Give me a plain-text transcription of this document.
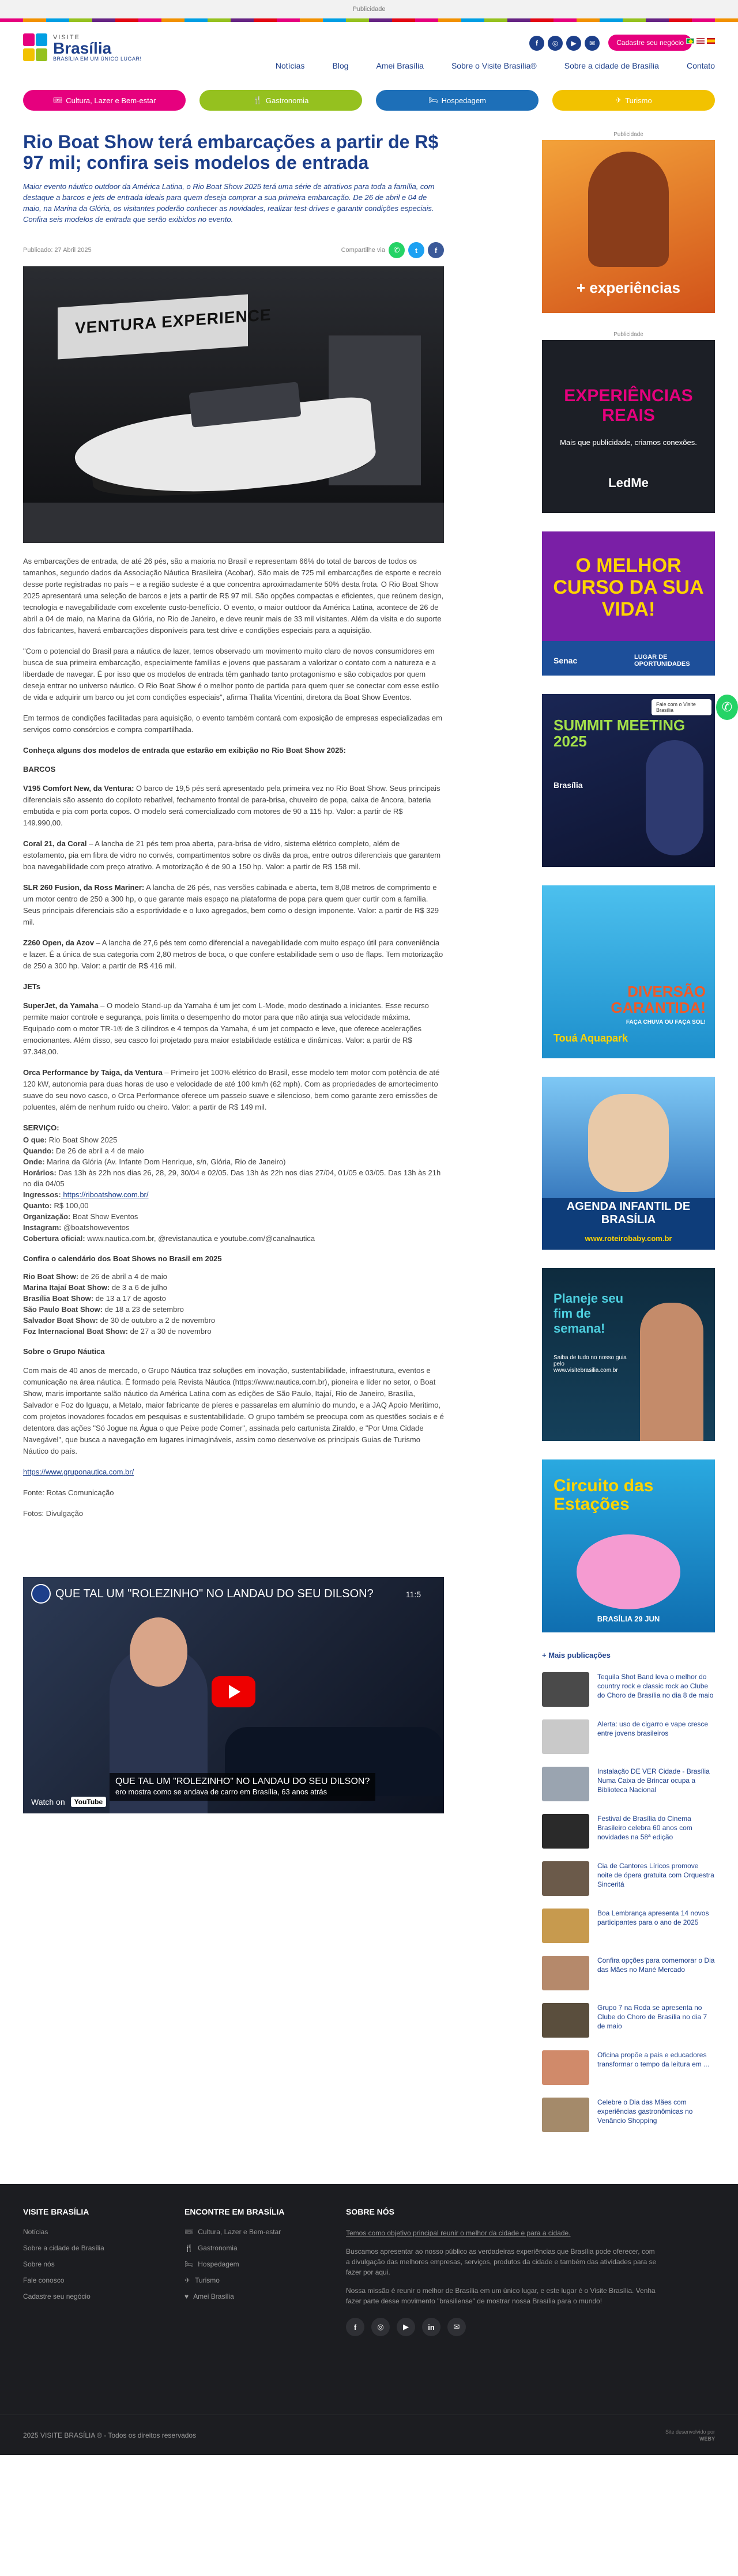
Publicidade
VISITE
Brasília
BRASÍLIA EM UM ÚNICO LUGAR!
f	◎	▶	✉	Cadastre seu negócio
Notícias	Blog	Amei Brasília	Sobre o Visite Brasília®	Sobre a cidade de Brasília	Contato
🎟 Cultura, Lazer e Bem-estar	🍴 Gastronomia	🛏 Hospedagem	✈ Turismo
Rio Boat Show terá embarcações a partir de R$ 97 mil; confira seis modelos de entrada

Maior evento náutico outdoor da América Latina, o Rio Boat Show 2025 terá uma série de atrativos para toda a família, com destaque a barcos e jets de entrada ideais para quem deseja comprar a sua primeira embarcação. De 26 de abril e 04 de maio, na Marina da Glória, os visitantes poderão conhecer as novidades, realizar test-drives e garantir condições especiais. Confira seis modelos de entrada que serão exibidos no evento.

Publicado: 27 Abril 2025	Compartilhe via	✆	t	f
VENTURA EXPERIENCE

As embarcações de entrada, de até 26 pés, são a maioria no Brasil e representam 66% do total de barcos de todos os tamanhos, segundo dados da Associação Náutica Brasileira (Acobar). São mais de 725 mil embarcações de esporte e recreio desse porte registradas no país – e a região sudeste é a que concentra aproximadamente 50% desta frota. O Rio Boat Show 2025 apresentará uma seleção de barcos e jets a partir de R$ 97 mil. São opções compactas e eficientes, que reúnem design, tecnologia e navegabilidade com excelente custo-benefício. O evento, o maior outdoor da América Latina, acontece de 26 de abril a 04 de maio, na Marina da Glória, no Rio de Janeiro, e deve reunir mais de 33 mil visitantes. Além da visita e do suporte dos fabricantes, haverá embarcações disponíveis para test drive e condições especiais para a aquisição.

"Com o potencial do Brasil para a náutica de lazer, temos observado um movimento muito claro de novos consumidores em busca de sua primeira embarcação, especialmente famílias e jovens que passaram a valorizar o contato com a natureza e a liberdade de navegar. É por isso que os modelos de entrada têm ganhado tanto protagonismo e são cobiçados por quem deseja entrar no universo náutico. O Rio Boat Show é o melhor ponto de partida para quem quer se conectar com esse estilo de vida e adquirir um barco ou jet com condições especiais", afirma Thalita Vicentini, diretora da Boat Show Eventos.

Em termos de condições facilitadas para aquisição, o evento também contará com exposição de empresas especializadas em serviços como consórcios e compra compartilhada.

Conheça alguns dos modelos de entrada que estarão em exibição no Rio Boat Show 2025:
BARCOS

V195 Comfort New, da Ventura: O barco de 19,5 pés será apresentado pela primeira vez no Rio Boat Show. Seus principais diferenciais são assento do copiloto rebatível, fechamento frontal de para-brisa, chuveiro de popa, caixa de âncora, bateria embutida e pia com porta copos. O modelo será comercializado com motores de 90 a 115 hp. Valor: a partir de R$ 149.990,00.

Coral 21, da Coral – A lancha de 21 pés tem proa aberta, para-brisa de vidro, sistema elétrico completo, além de estofamento, pia em fibra de vidro no convés, compartimentos sobre os divãs da proa, entre outros diferenciais que garantem boa navegabilidade com preço atrativo. A motorização é de 90 a 150 hp. Valor: a partir de R$ 158 mil.

SLR 260 Fusion, da Ross Mariner: A lancha de 26 pés, nas versões cabinada e aberta, tem 8,08 metros de comprimento e um motor centro de 250 a 300 hp, o que garante mais espaço na plataforma de popa para quem quer curtir com a família. Seus principais diferenciais são a esportividade e o luxo agregados, bem como o design imponente. Valor: a partir de R$ 329 mil.

Z260 Open, da Azov – A lancha de 27,6 pés tem como diferencial a navegabilidade com muito espaço útil para conveniência e lazer. É a única de sua categoria com 2,80 metros de boca, o que confere estabilidade sem o uso de flaps. Tem motorização de 250 a 300 hp. Valor: a partir de R$ 416 mil.

JETs

SuperJet, da Yamaha – O modelo Stand-up da Yamaha é um jet com L-Mode, modo destinado a iniciantes. Esse recurso permite maior controle e segurança, pois limita o desempenho do motor para que não atinja sua velocidade máxima. Equipado com o motor TR-1® de 3 cilindros e 4 tempos da Yamaha, é um jet compacto e leve, que oferece acelerações emocionantes. Além disso, seu casco foi projetado para maior estabilidade estática e dinâmicas. Valor: a partir de R$ 97.348,00.

Orca Performance by Taiga, da Ventura – Primeiro jet 100% elétrico do Brasil, esse modelo tem motor com potência de até 120 kW, autonomia para duas horas de uso e velocidade de até 100 km/h (62 mph). Com as propriedades de amortecimento suave do seu novo casco, o Orca Performance oferece um passeio suave e silencioso, bem como garante zero emissões de poluentes, além de nenhum ruído ou cheiro. Valor: a partir de R$ 149 mil.

SERVIÇO:
O que: Rio Boat Show 2025
Quando: De 26 de abril a 4 de maio
Onde: Marina da Glória (Av. Infante Dom Henrique, s/n, Glória, Rio de Janeiro)
Horários: Das 13h às 22h nos dias 26, 28, 29, 30/04 e 02/05. Das 13h às 22h nos dias 27/04, 01/05 e 03/05. Das 13h às 21h no dia 04/05
Ingressos: https://riboatshow.com.br/
Quanto: R$ 100,00
Organização: Boat Show Eventos
Instagram: @boatshoweventos
Cobertura oficial: www.nautica.com.br, @revistanautica e youtube.com/@canalnautica
Confira o calendário dos Boat Shows no Brasil em 2025
Rio Boat Show: de 26 de abril a 4 de maio
Marina Itajaí Boat Show: de 3 a 6 de julho
Brasília Boat Show: de 13 a 17 de agosto
São Paulo Boat Show: de 18 a 23 de setembro
Salvador Boat Show: de 30 de outubro a 2 de novembro
Foz Internacional Boat Show: de 27 a 30 de novembro
Sobre o Grupo Náutica

Com mais de 40 anos de mercado, o Grupo Náutica traz soluções em inovação, sustentabilidade, infraestrutura, eventos e comunicação na área náutica. É formado pela Revista Náutica (https://www.nautica.com.br), pioneira e líder no setor, o Boat Show, maris importante salão náutico da América Latina com as edições de São Paulo, Itajaí, Rio de Janeiro, Brasília, Salvador e Foz do Iguaçu, a Metalo, maior fabricante de píeres e passarelas em alumínio do mundo, e a JAQ Apoio Meritimo, com projetos inovadores focados em pesquisas e sustentabilidade. O grupo também se preocupa com as questões sociais e é detentora das ações "Só Jogue na Água o que Peixe pode Comer", assinada pelo cartunista Ziraldo, e "Por Uma Cidade Navegável", que busca a navegação em lugares inimagináveis, assim como desenvolve os principais Guias de Turismo Náutico do país.

https://www.gruponautica.com.br/

Fonte: Rotas Comunicação

Fotos: Divulgação

QUE TAL UM "ROLEZINHO" NO LANDAU DO SEU DILSON?	11:5
QUE TAL UM "ROLEZINHO" NO LANDAU DO SEU DILSON?
ero mostra como se andava de carro em Brasília, 63 anos atrás
Watch on	YouTube
Publicidade
+ experiências
Publicidade
EXPERIÊNCIAS REAIS
Mais que publicidade, criamos conexões.
LedMe
O MELHOR CURSO DA SUA VIDA!
Senac	LUGAR DE OPORTUNIDADES
SUMMIT MEETING 2025
Brasília
DIVERSÃO GARANTIDA!
FAÇA CHUVA OU FAÇA SOL!
Touá Aquapark
AGENDA INFANTIL DE BRASÍLIA
www.roteirobaby.com.br
Planeje seu fim de semana!
Saiba de tudo no nosso guia pelo www.visitebrasilia.com.br
Circuito das Estações
BRASÍLIA 29 JUN
+ Mais publicações
Tequila Shot Band leva o melhor do country rock e classic rock ao Clube do Choro de Brasília no dia 8 de maio
Alerta: uso de cigarro e vape cresce entre jovens brasileiros
Instalação DE VER Cidade - Brasília Numa Caixa de Brincar ocupa a Biblioteca Nacional
Festival de Brasília do Cinema Brasileiro celebra 60 anos com novidades na 58ª edição
Cia de Cantores Líricos promove noite de ópera gratuita com Orquestra Sinceritá
Boa Lembrança apresenta 14 novos participantes para o ano de 2025
Confira opções para comemorar o Dia das Mães no Mané Mercado
Grupo 7 na Roda se apresenta no Clube do Choro de Brasília no dia 7 de maio
Oficina propõe a pais e educadores transformar o tempo da leitura em ...
Celebre o Dia das Mães com experiências gastronômicas no Venâncio Shopping
Fale com o Visite Brasília	✆
VISITE BRASÍLIA
Notícias
Sobre a cidade de Brasília
Sobre nós
Fale conosco
Cadastre seu negócio
ENCONTRE EM BRASÍLIA
🎟 Cultura, Lazer e Bem-estar
🍴 Gastronomia
🛏 Hospedagem
✈ Turismo
♥ Amei Brasília
SOBRE NÓS

Temos como objetivo principal reunir o melhor da cidade e para a cidade.

Buscamos apresentar ao nosso público as verdadeiras experiências que Brasília pode oferecer, com a divulgação das melhores empresas, serviços, produtos da cidade e também das atividades para se fazer por aqui.

Nossa missão é reunir o melhor de Brasília em um único lugar, e este lugar é o Visite Brasília. Venha fazer parte desse movimento "brasiliense" de mostrar nossa Brasília para o mundo!

f	◎	▶	in	✉
2025 VISITE BRASÍLIA ® - Todos os direitos reservados	Site desenvolvido por
WEBY
